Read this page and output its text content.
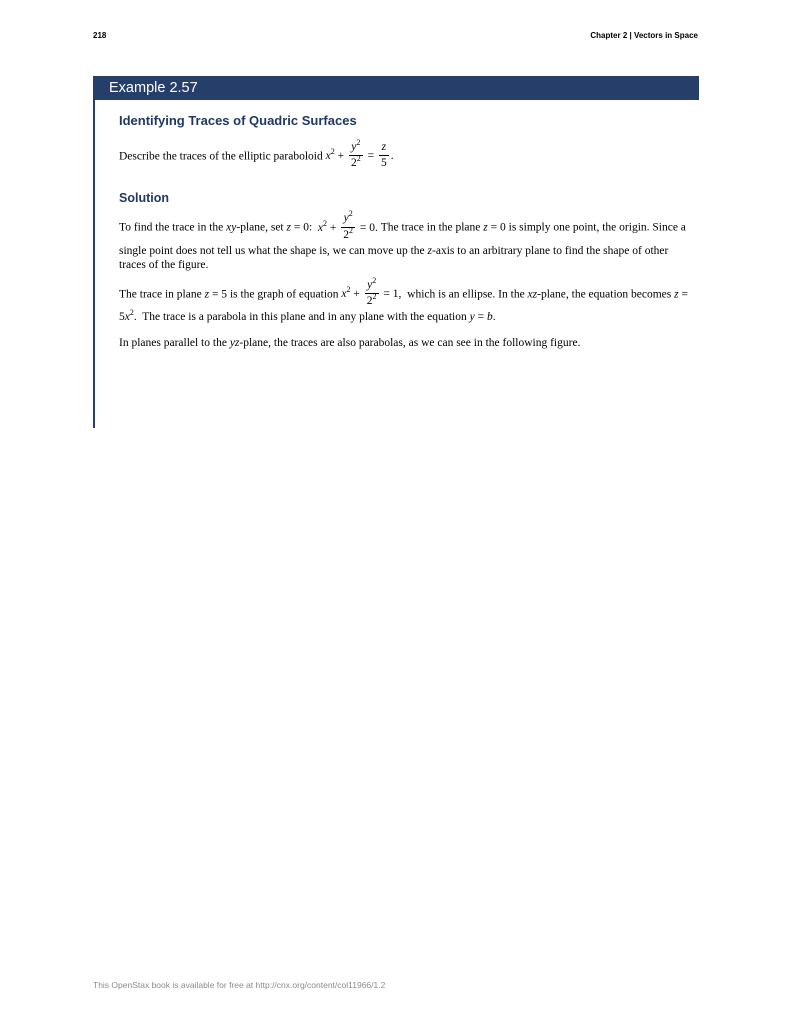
218	Chapter 2 | Vectors in Space
Example 2.57
Identifying Traces of Quadric Surfaces

Describe the traces of the elliptic paraboloid $x^2 + \frac{y^2}{2^2} = \frac{z}{5}$ .

Solution

To find the trace in the xy-plane, set z = 0:  $x^2 + \frac{y^2}{2^2} = 0$. The trace in the plane z = 0 is simply one point, the origin. Since a single point does not tell us what the shape is, we can move up the z-axis to an arbitrary plane to find the shape of other traces of the figure.

The trace in plane z = 5 is the graph of equation $x^2 + \frac{y^2}{2^2} = 1$,  which is an ellipse. In the xz-plane, the equation becomes $z = 5x^2$.  The trace is a parabola in this plane and in any plane with the equation y = b.

In planes parallel to the yz-plane, the traces are also parabolas, as we can see in the following figure.

This OpenStax book is available for free at http://cnx.org/content/col11966/1.2
